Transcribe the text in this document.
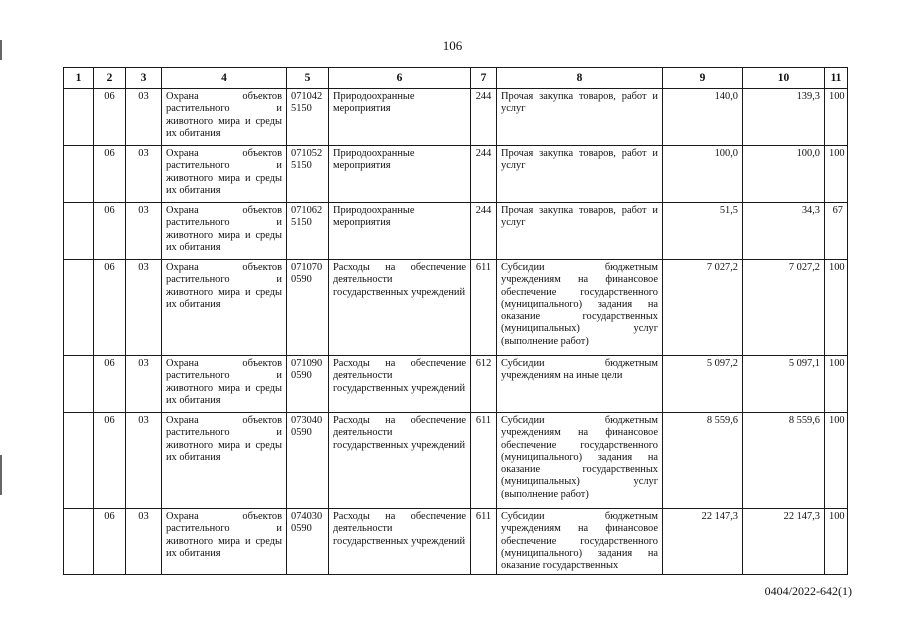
106
1	2	3	4	5	6	7	8	9	10	11
	06	03	Охрана объектов растительного и животного мира и среды их обитания	0710425150	Природоохранные мероприятия	244	Прочая закупка товаров, работ и услуг	140,0	139,3	100
	06	03	Охрана объектов растительного и животного мира и среды их обитания	0710525150	Природоохранные мероприятия	244	Прочая закупка товаров, работ и услуг	100,0	100,0	100
	06	03	Охрана объектов растительного и животного мира и среды их обитания	0710625150	Природоохранные мероприятия	244	Прочая закупка товаров, работ и услуг	51,5	34,3	67
	06	03	Охрана объектов растительного и животного мира и среды их обитания	0710700590	Расходы на обеспечение деятельности государственных учреждений	611	Субсидии бюджетным учреждениям на финансовое обеспечение государственного (муниципального) задания на оказание государственных (муниципальных) услуг (выполнение работ)	7 027,2	7 027,2	100
	06	03	Охрана объектов растительного и животного мира и среды их обитания	0710900590	Расходы на обеспечение деятельности государственных учреждений	612	Субсидии бюджетным учреждениям на иные цели	5 097,2	5 097,1	100
	06	03	Охрана объектов растительного и животного мира и среды их обитания	0730400590	Расходы на обеспечение деятельности государственных учреждений	611	Субсидии бюджетным учреждениям на финансовое обеспечение государственного (муниципального) задания на оказание государственных (муниципальных) услуг (выполнение работ)	8 559,6	8 559,6	100
	06	03	Охрана объектов растительного и животного мира и среды их обитания	0740300590	Расходы на обеспечение деятельности государственных учреждений	611	Субсидии бюджетным учреждениям на финансовое обеспечение государственного (муниципального) задания на оказание государственных	22 147,3	22 147,3	100
0404/2022-642(1)
